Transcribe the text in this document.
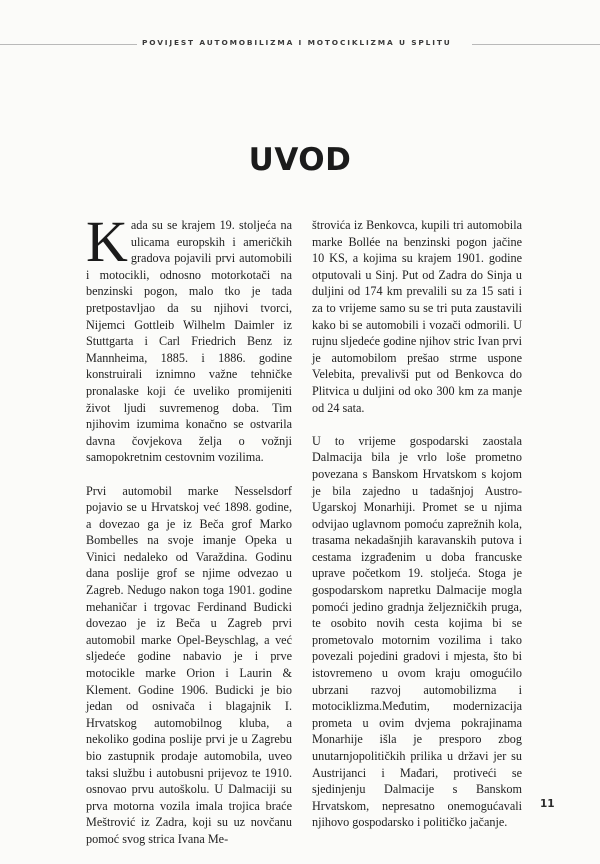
POVIJEST AUTOMOBILIZMA I MOTOCIKLIZMA U SPLITU
UVOD

Kada su se krajem 19. stoljeća na ulicama europskih i američkih gradova pojavili prvi automobili i motocikli, odnosno motorkotači na benzinski pogon, malo tko je tada pretpostavljao da su njihovi tvorci, Nijemci Gottleib Wilhelm Daimler iz Stuttgarta i Carl Friedrich Benz iz Mannheima, 1885. i 1886. godine konstruirali iznimno važne tehničke pronalaske koji će uveliko promijeniti život ljudi suvremenog doba. Tim njihovim izumima konačno se ostvarila davna čovjekova želja o vožnji samopokretnim cestovnim vozilima.

Prvi automobil marke Nesselsdorf pojavio se u Hrvatskoj već 1898. godine, a dovezao ga je iz Beča grof Marko Bombelles na svoje imanje Opeka u Vinici nedaleko od Varaždina. Godinu dana poslije grof se njime odvezao u Zagreb. Nedugo nakon toga 1901. godine mehaničar i trgovac Ferdinand Budicki dovezao je iz Beča u Zagreb prvi automobil marke Opel-Beyschlag, a već sljedeće godine nabavio je i prve motocikle marke Orion i Laurin & Klement. Godine 1906. Budicki je bio jedan od osnivača i blagajnik I. Hrvatskog automobilnog kluba, a nekoliko godina poslije prvi je u Zagrebu bio zastupnik prodaje automobila, uveo taksi službu i autobusni prijevoz te 1910. osnovao prvu autoškolu. U Dalmaciji su prva motorna vozila imala trojica braće Meštrović iz Zadra, koji su uz novčanu pomoć svog strica Ivana Me-

štrovića iz Benkovca, kupili tri automobila marke Bollée na benzinski pogon jačine 10 KS, a kojima su krajem 1901. godine otputovali u Sinj. Put od Zadra do Sinja u duljini od 174 km prevalili su za 15 sati i za to vrijeme samo su se tri puta zaustavili kako bi se automobili i vozači odmorili. U rujnu sljedeće godine njihov stric Ivan prvi je automobilom prešao strme uspone Velebita, prevalivši put od Benkovca do Plitvica u duljini od oko 300 km za manje od 24 sata.

U to vrijeme gospodarski zaostala Dalmacija bila je vrlo loše prometno povezana s Banskom Hrvatskom s kojom je bila zajedno u tadašnjoj Austro-Ugarskoj Monarhiji. Promet se u njima odvijao uglavnom pomoću zaprežnih kola, trasama nekadašnjih karavanskih putova i cestama izgrađenim u doba francuske uprave početkom 19. stoljeća. Stoga je gospodarskom napretku Dalmacije mogla pomoći jedino gradnja željezničkih pruga, te osobito novih cesta kojima bi se prometovalo motornim vozilima i tako povezali pojedini gradovi i mjesta, što bi istovremeno u ovom kraju omogućilo ubrzani razvoj automobilizma i motociklizma.Međutim, modernizacija prometa u ovim dvjema pokrajinama Monarhije išla je presporo zbog unutarnjopolitičkih prilika u državi jer su Austrijanci i Mađari, protiveći se sjedinjenju Dalmacije s Banskom Hrvatskom, nepresatno onemogućavali njihovo gospodarsko i političko jačanje.

11
